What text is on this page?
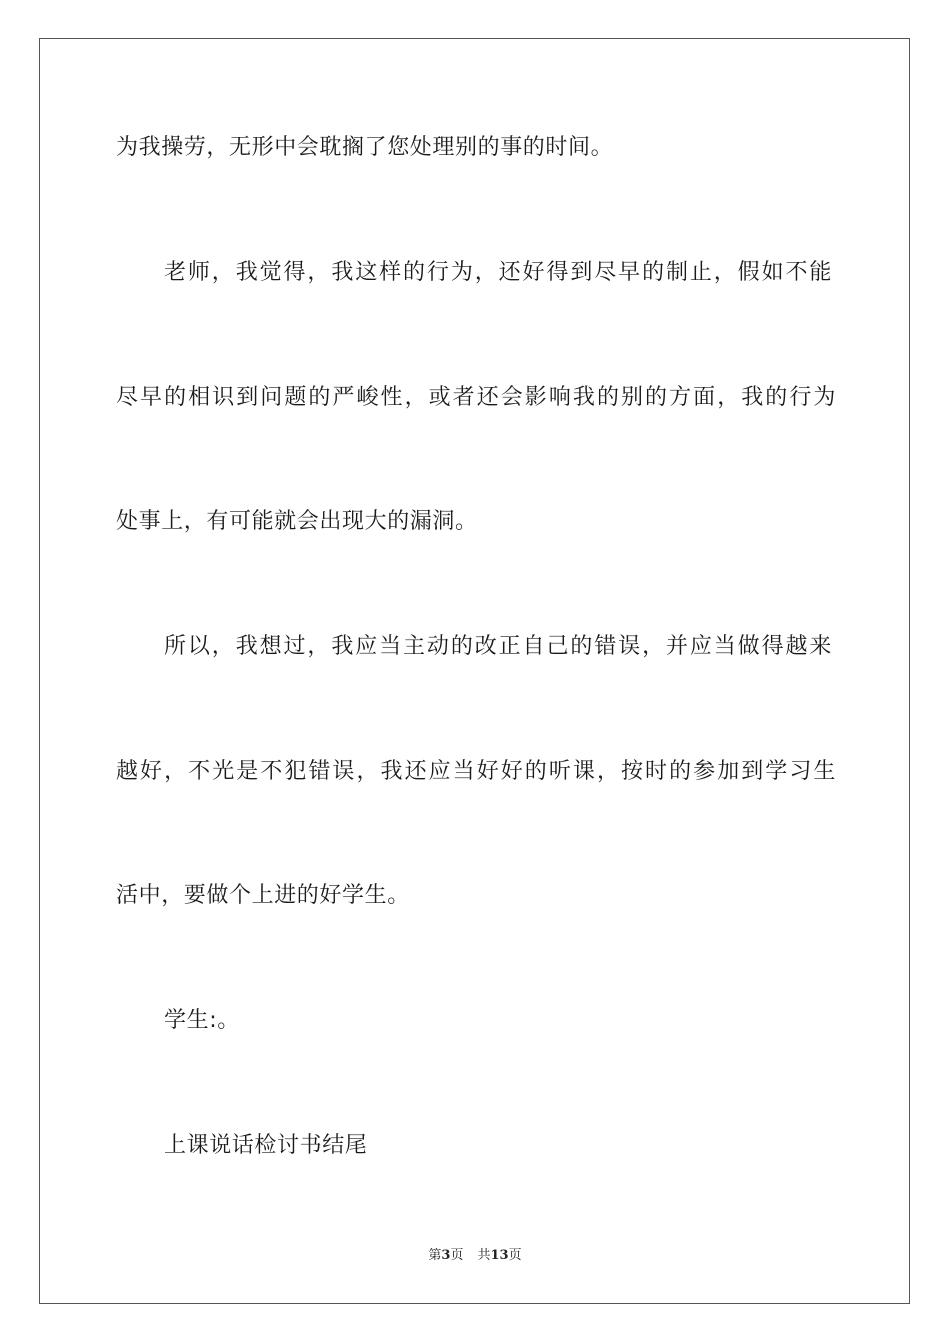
为我操劳，无形中会耽搁了您处理别的事的时间。
老师，我觉得，我这样的行为，还好得到尽早的制止，假如不能
尽早的相识到问题的严峻性，或者还会影响我的别的方面，我的行为
处事上，有可能就会出现大的漏洞。
所以，我想过，我应当主动的改正自己的错误，并应当做得越来
越好，不光是不犯错误，我还应当好好的听课，按时的参加到学习生
活中，要做个上进的好学生。
学生:。
上课说话检讨书结尾
第3页 共13页
